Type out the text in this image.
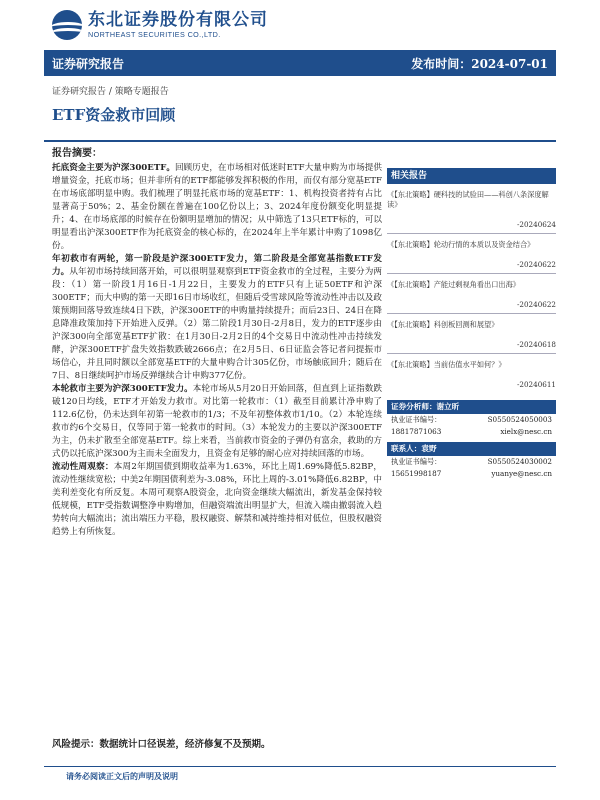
东北证券股份有限公司
NORTHEAST SECURITIES CO.,LTD.
证券研究报告	发布时间：2024-07-01
证券研究报告 / 策略专题报告
ETF资金救市回顾
报告摘要：

托底资金主要为沪深300ETF。回顾历史，在市场相对低迷时ETF大量申购为市场提供增量资金，托底市场；但并非所有的ETF都能够发挥积极的作用，而仅有部分宽基ETF在市场底部明显申购。我们梳理了明显托底市场的宽基ETF：1、机构投资者持有占比显著高于50%；2、基金份额在普遍在100亿份以上；3、2024年度份额变化明显提升；4、在市场底部的时候存在份额明显增加的情况；从中筛选了13只ETF标的，可以明显看出沪深300ETF作为托底资金的核心标的，在2024年上半年累计申购了1098亿份。

年初救市有两轮，第一阶段是沪深300ETF发力，第二阶段是全部宽基指数ETF发力。从年初市场持续回落开始，可以很明显观察到ETF资金救市的全过程，主要分为两段：（1）第一阶段1月16日-1月22日，主要发力的ETF只有上证50ETF和沪深300ETF；而大申购的第一天即16日市场收红，但随后受雪球风险等流动性冲击以及政策预期回落导致连续4日下跌，沪深300ETF的申购量持续提升；而后23日、24日在降息降准政策加持下开始进入反弹。（2）第二阶段1月30日-2月8日，发力的ETF逐步由沪深300向全部宽基ETF扩散：在1月30日-2月2日的4个交易日中流动性冲击持续发酵，沪深300ETF扩盘失效指数跌破2666点；在2月5日、6日证监会答记者问提振市场信心，并且同时额以全部宽基ETF的大量申购合计305亿份，市场触底回升；随后在7日、8日继续呵护市场反弹继续合计申购377亿份。

本轮救市主要为沪深300ETF发力。本轮市场从5月20日开始回落，但直到上证指数跌破120日均线，ETF才开始发力救市。对比第一轮救市：（1）截至目前累计净申购了112.6亿份，仍未达到年初第一轮救市的1/3；不及年初整体救市1/10。（2）本轮连续救市约6个交易日，仅等同于第一轮救市的时间。（3）本轮发力的主要以沪深300ETF为主，仍未扩散至全部宽基ETF。综上来看，当前救市资金的子弹仍有富余，救助的方式仍以托底沪深300为主而未全面发力，且资金有足够的耐心应对持续回落的市场。

流动性周观察：本周2年期国债到期收益率为1.63%，环比上周1.69%降低5.82BP，流动性继续宽松；中美2年期国债利差为-3.08%，环比上周的-3.01%降低6.82BP，中美利差变化有所反复。本周可观察A股资金，北向资金继续大幅流出，新发基金保持较低规模，ETF受指数调整净申购增加，但融资端流出明显扩大，但流入端由撤弱流入趋势转向大幅流出；流出端压力平稳，股权融资、解禁和减持维持相对低位，但股权融资趋势上有所恢复。

相关报告
《【东北策略】硬科技的试验田——科创八条深度解读》
-20240624
《【东北策略】轮动行情的本质以及资金结合》
-20240622
《【东北策略】产能过剩视角看出口出海》
-20240622
《【东北策略】科创板回测和展望》
-20240618
《【东北策略】当前估值水平如何？》
-20240611
证券分析师：谢立昕
执业证书编号：	S0550524050003
18817871063	xielx@nesc.cn
联系人：袁野
执业证书编号：	S0550524030002
15651998187	yuanye@nesc.cn
风险提示：数据统计口径误差，经济修复不及预期。
请务必阅读正文后的声明及说明
